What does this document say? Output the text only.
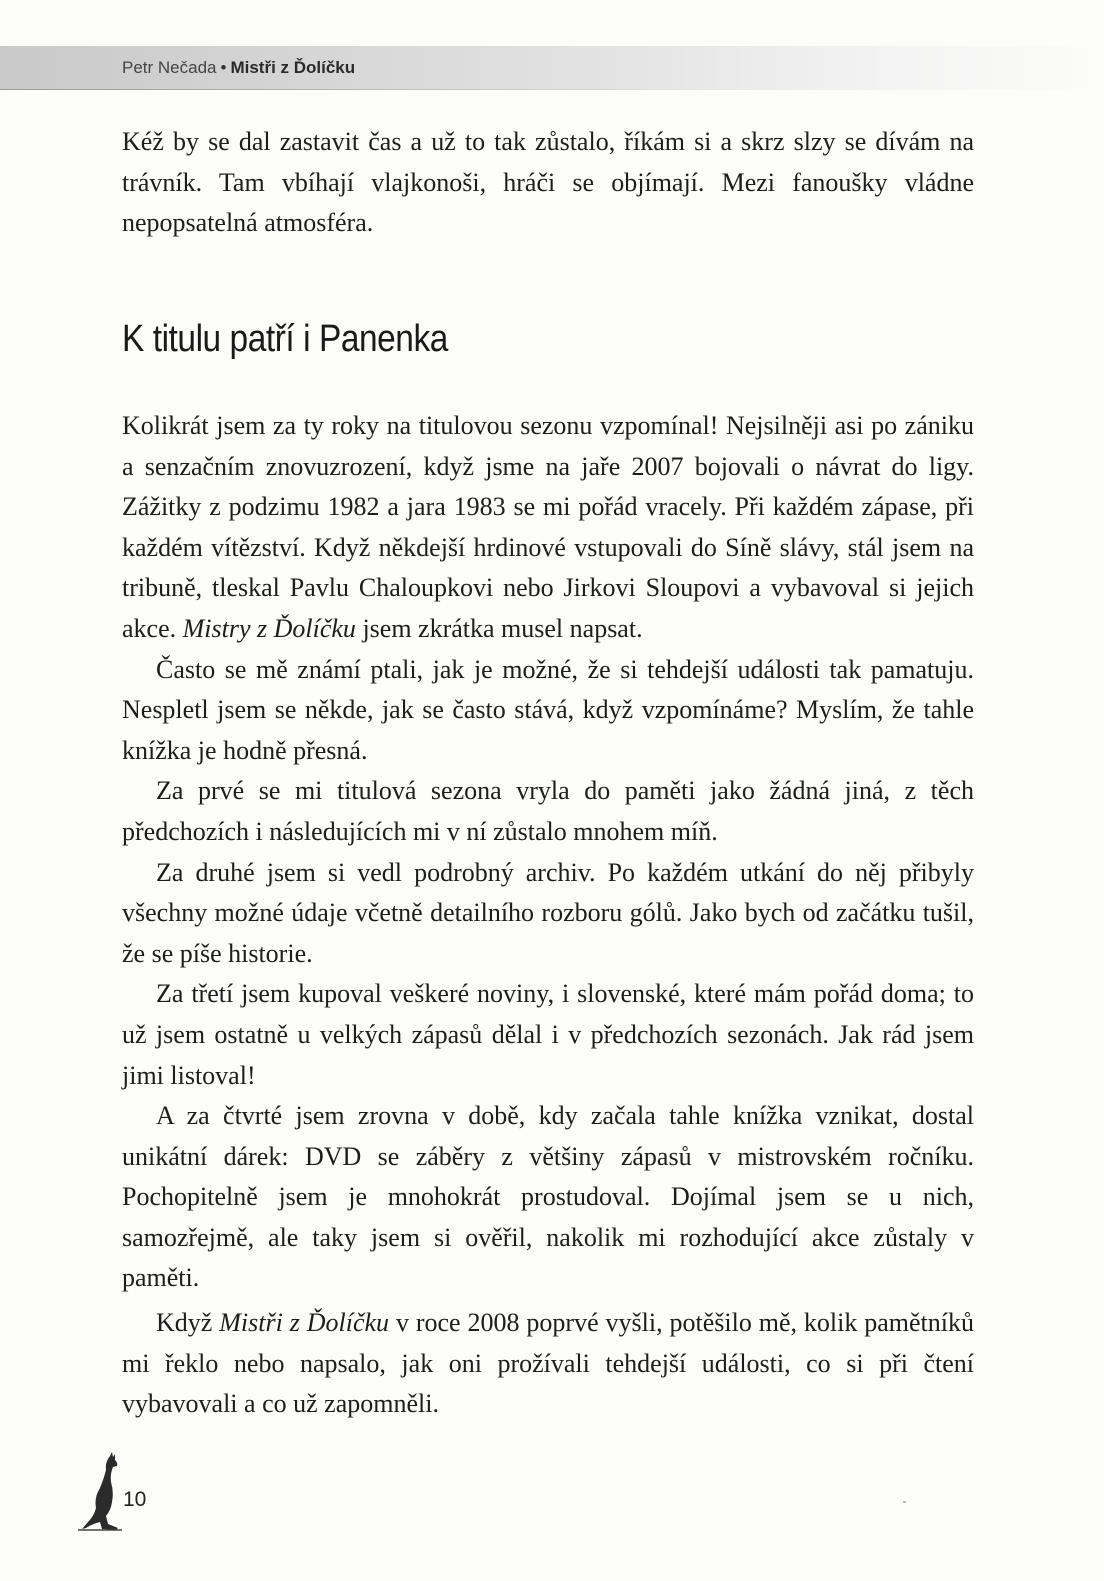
Petr Nečada • Mistři z Ďolíčku

Kéž by se dal zastavit čas a už to tak zůstalo, říkám si a skrz slzy se dívám na trávník. Tam vbíhají vlajkonoši, hráči se objímají. Mezi fanoušky vládne nepopsatelná atmosféra.

K titulu patří i Panenka

Kolikrát jsem za ty roky na titulovou sezonu vzpomínal! Nejsilněji asi po zániku a senzačním znovuzrození, když jsme na jaře 2007 bojovali o návrat do ligy. Zážitky z podzimu 1982 a jara 1983 se mi pořád vracely. Při každém zápase, při každém vítězství. Když někdejší hrdinové vstupovali do Síně slávy, stál jsem na tribuně, tleskal Pavlu Chaloupkovi nebo Jirkovi Sloupovi a vybavoval si jejich akce. Mistry z Ďolíčku jsem zkrátka musel napsat.

Často se mě známí ptali, jak je možné, že si tehdejší události tak pamatuju. Nespletl jsem se někde, jak se často stává, když vzpomínáme? Myslím, že tahle knížka je hodně přesná.

Za prvé se mi titulová sezona vryla do paměti jako žádná jiná, z těch předchozích i následujících mi v ní zůstalo mnohem míň.

Za druhé jsem si vedl podrobný archiv. Po každém utkání do něj přibyly všechny možné údaje včetně detailního rozboru gólů. Jako bych od začátku tušil, že se píše historie.

Za třetí jsem kupoval veškeré noviny, i slovenské, které mám pořád doma; to už jsem ostatně u velkých zápasů dělal i v předchozích sezonách. Jak rád jsem jimi listoval!

A za čtvrté jsem zrovna v době, kdy začala tahle knížka vznikat, dostal unikátní dárek: DVD se záběry z většiny zápasů v mistrovském ročníku. Pochopitelně jsem je mnohokrát prostudoval. Dojímal jsem se u nich, samozřejmě, ale taky jsem si ověřil, nakolik mi rozhodující akce zůstaly v paměti.

Když Mistři z Ďolíčku v roce 2008 poprvé vyšli, potěšilo mě, kolik pamětníků mi řeklo nebo napsalo, jak oni prožívali tehdejší události, co si při čtení vybavovali a co už zapomněli.

10
